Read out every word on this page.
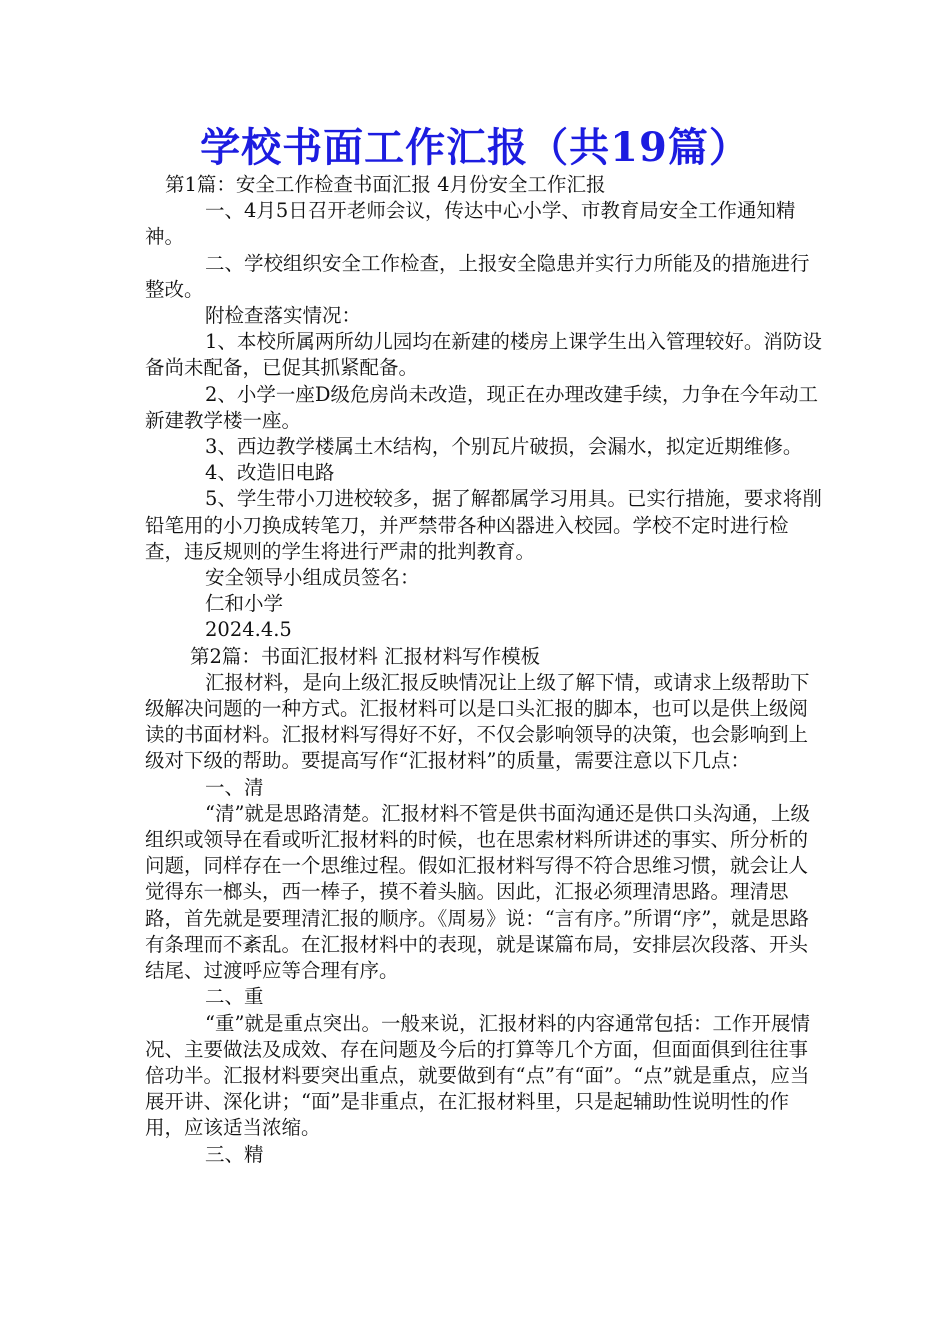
学校书面工作汇报（共19篇）

第1篇：安全工作检查书面汇报 4月份安全工作汇报

一、4月5日召开老师会议，传达中心小学、市教育局安全工作通知精神。

二、学校组织安全工作检查，上报安全隐患并实行力所能及的措施进行整改。

附检查落实情况：

1、本校所属两所幼儿园均在新建的楼房上课学生出入管理较好。消防设备尚未配备，已促其抓紧配备。

2、小学一座D级危房尚未改造，现正在办理改建手续，力争在今年动工新建教学楼一座。

3、西边教学楼属土木结构，个别瓦片破损，会漏水，拟定近期维修。

4、改造旧电路

5、学生带小刀进校较多，据了解都属学习用具。已实行措施，要求将削铅笔用的小刀换成转笔刀，并严禁带各种凶器进入校园。学校不定时进行检查，违反规则的学生将进行严肃的批判教育。

安全领导小组成员签名：

仁和小学

2024.4.5

第2篇：书面汇报材料 汇报材料写作模板

汇报材料，是向上级汇报反映情况让上级了解下情，或请求上级帮助下级解决问题的一种方式。汇报材料可以是口头汇报的脚本，也可以是供上级阅读的书面材料。汇报材料写得好不好，不仅会影响领导的决策，也会影响到上级对下级的帮助。要提高写作“汇报材料”的质量，需要注意以下几点：

一、清

“清”就是思路清楚。汇报材料不管是供书面沟通还是供口头沟通，上级组织或领导在看或听汇报材料的时候，也在思索材料所讲述的事实、所分析的问题，同样存在一个思维过程。假如汇报材料写得不符合思维习惯，就会让人觉得东一榔头，西一棒子，摸不着头脑。因此，汇报必须理清思路。理清思路，首先就是要理清汇报的顺序。《周易》说：“言有序。”所谓“序”，就是思路有条理而不紊乱。在汇报材料中的表现，就是谋篇布局，安排层次段落、开头结尾、过渡呼应等合理有序。

二、重

“重”就是重点突出。一般来说，汇报材料的内容通常包括：工作开展情况、主要做法及成效、存在问题及今后的打算等几个方面，但面面俱到往往事倍功半。汇报材料要突出重点，就要做到有“点”有“面”。“点”就是重点，应当展开讲、深化讲；“面”是非重点，在汇报材料里，只是起辅助性说明性的作用，应该适当浓缩。

三、精
